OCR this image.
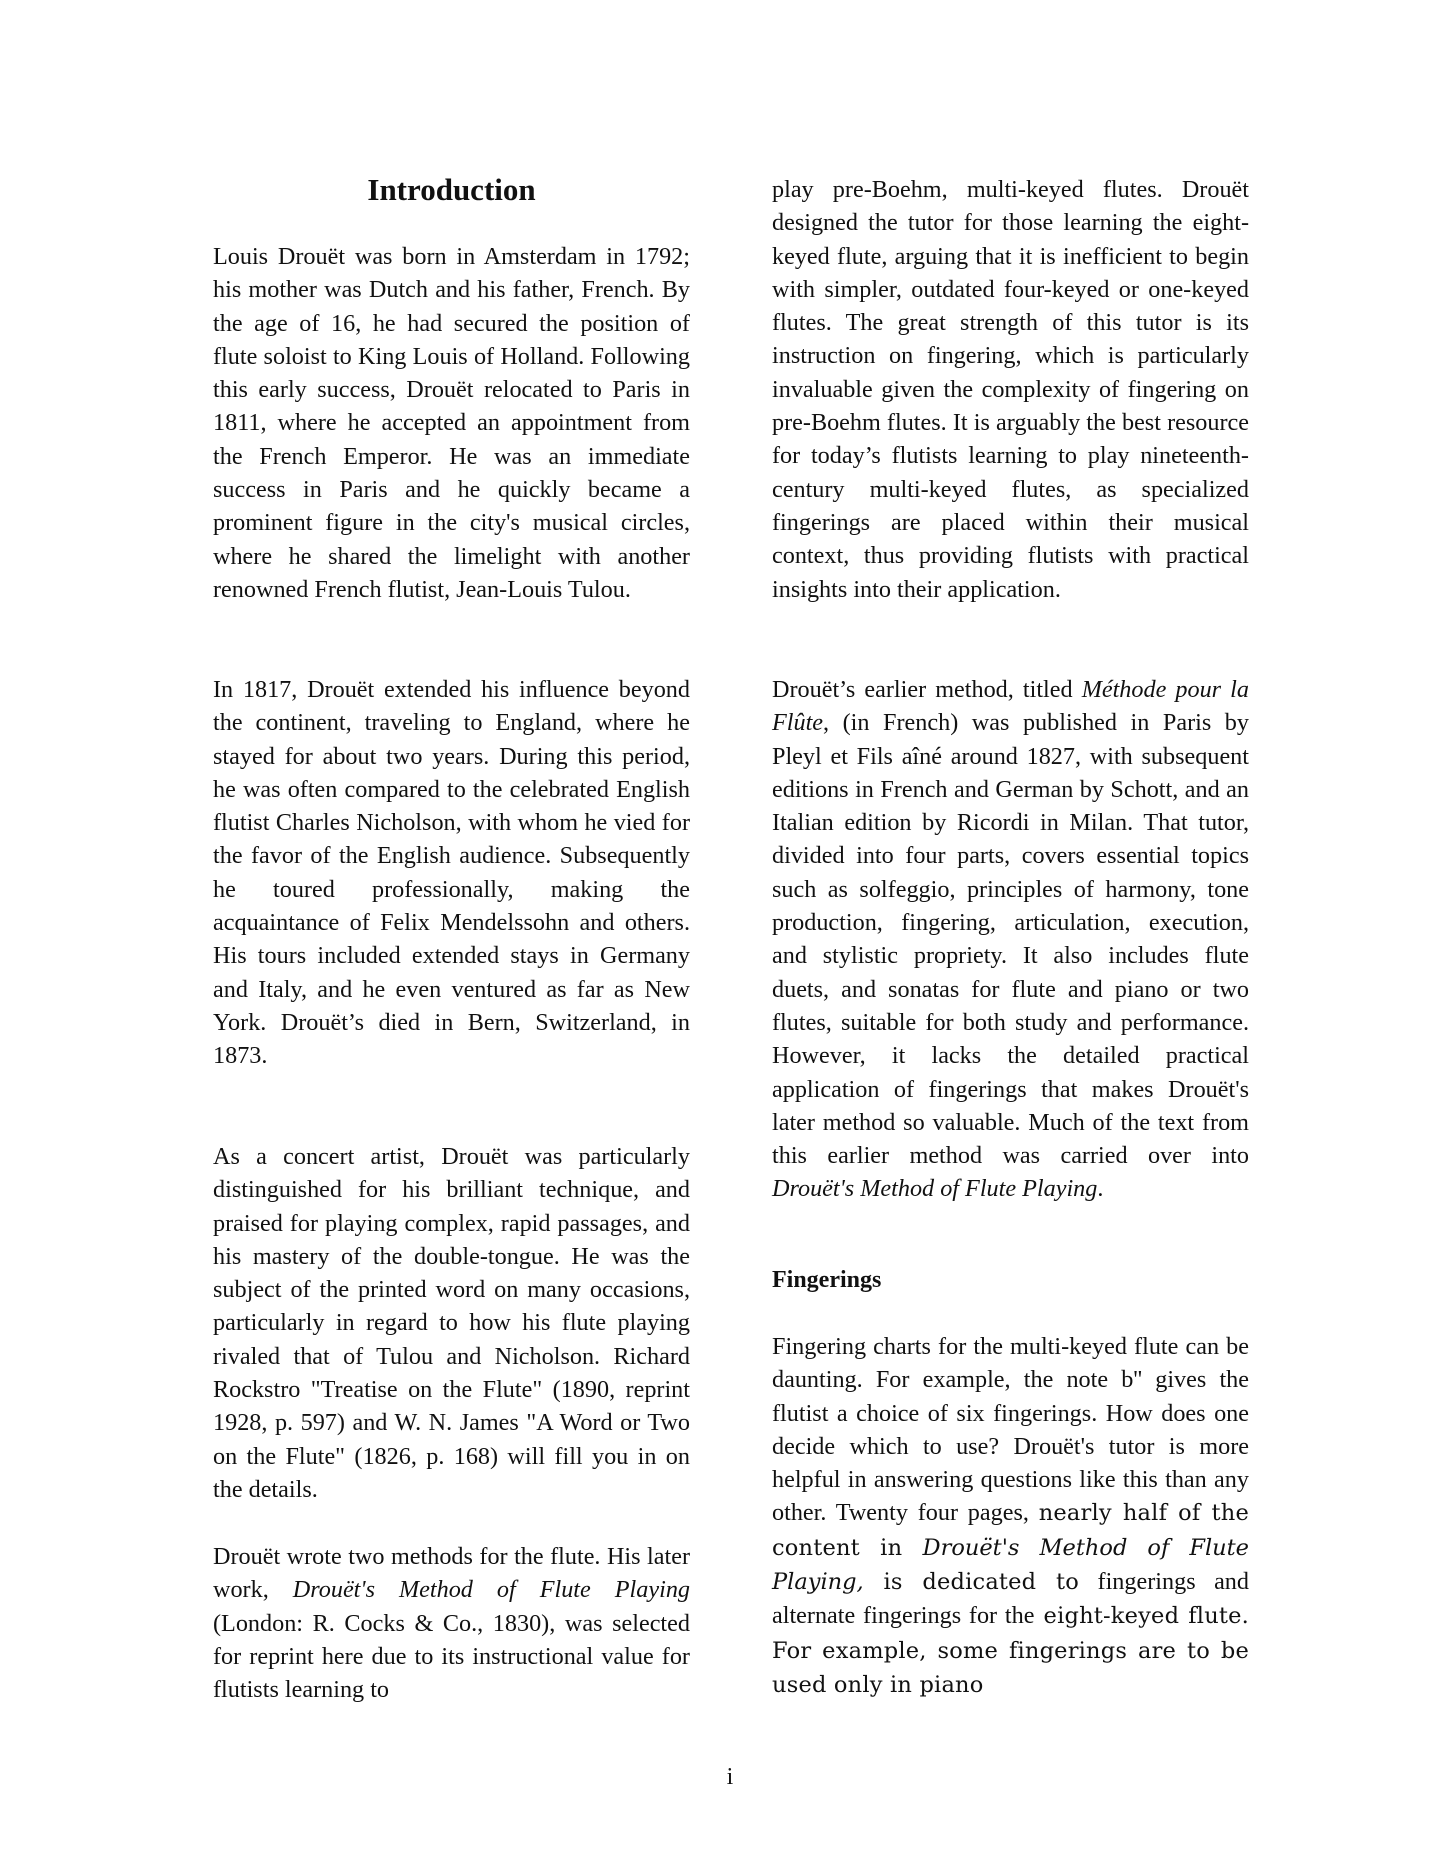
Introduction

Louis Drouët was born in Amsterdam in 1792; his mother was Dutch and his father, French. By the age of 16, he had secured the position of flute soloist to King Louis of Holland. Following this early success, Drouët relocated to Paris in 1811, where he accepted an appointment from the French Emperor. He was an immediate success in Paris and he quickly became a prominent figure in the city's musical circles, where he shared the limelight with another renowned French flutist, Jean-Louis Tulou.

In 1817, Drouët extended his influence beyond the continent, traveling to England, where he stayed for about two years. During this period, he was often compared to the celebrated English flutist Charles Nicholson, with whom he vied for the favor of the English audience. Subsequently he toured professionally, making the acquaintance of Felix Mendelssohn and others. His tours included extended stays in Germany and Italy, and he even ventured as far as New York. Drouët’s died in Bern, Switzerland, in 1873.

As a concert artist, Drouët was particularly distinguished for his brilliant technique, and praised for playing complex, rapid passages, and his mastery of the double-tongue. He was the subject of the printed word on many occasions, particularly in regard to how his flute playing rivaled that of Tulou and Nicholson. Richard Rockstro "Treatise on the Flute" (1890, reprint 1928, p. 597) and W. N. James "A Word or Two on the Flute" (1826, p. 168) will fill you in on the details.

Drouët wrote two methods for the flute. His later work, Drouët's Method of Flute Playing (London: R. Cocks & Co., 1830), was selected for reprint here due to its instructional value for flutists learning to

play pre-Boehm, multi-keyed flutes. Drouët designed the tutor for those learning the eight-keyed flute, arguing that it is inefficient to begin with simpler, outdated four-keyed or one-keyed flutes. The great strength of this tutor is its instruction on fingering, which is particularly invaluable given the complexity of fingering on pre-Boehm flutes. It is arguably the best resource for today’s flutists learning to play nineteenth-century multi-keyed flutes, as specialized fingerings are placed within their musical context, thus providing flutists with practical insights into their application.

Drouët’s earlier method, titled Méthode pour la Flûte, (in French) was published in Paris by Pleyl et Fils aîné around 1827, with subsequent editions in French and German by Schott, and an Italian edition by Ricordi in Milan. That tutor, divided into four parts, covers essential topics such as solfeggio, principles of harmony, tone production, fingering, articulation, execution, and stylistic propriety. It also includes flute duets, and sonatas for flute and piano or two flutes, suitable for both study and performance. However, it lacks the detailed practical application of fingerings that makes Drouët's later method so valuable. Much of the text from this earlier method was carried over into Drouët's Method of Flute Playing.

Fingerings

Fingering charts for the multi-keyed flute can be daunting. For example, the note b'' gives the flutist a choice of six fingerings. How does one decide which to use? Drouët's tutor is more helpful in answering questions like this than any other. Twenty four pages, nearly half of the content in Drouët's Method of Flute Playing, is dedicated to fingerings and alternate fingerings for the eight-keyed flute. For example, some fingerings are to be used only in piano

i
